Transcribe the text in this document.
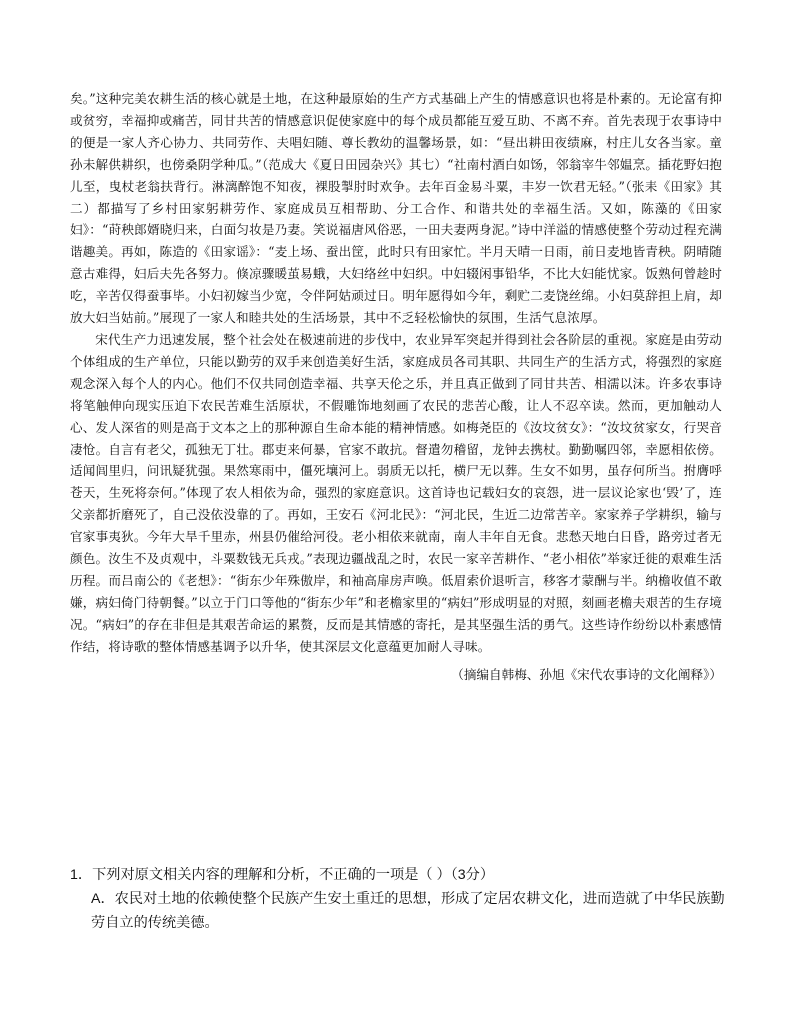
矣。”这种完美农耕生活的核心就是土地，在这种最原始的生产方式基础上产生的情感意识也将是朴素的。无论富有抑或贫穷，幸福抑或痛苦，同甘共苦的情感意识促使家庭中的每个成员都能互爱互助、不离不弃。首先表现于农事诗中的便是一家人齐心协力、共同劳作、夫唱妇随、尊长教幼的温馨场景，如：“昼出耕田夜绩麻，村庄儿女各当家。童孙未解供耕织，也傍桑阴学种瓜。”（范成大《夏日田园杂兴》其七）“社南村酒白如饧，邻翁宰牛邻媪烹。插花野妇抱儿至，曳杖老翁扶背行。淋漓醉饱不知夜，裸股掣肘时欢争。去年百金易斗粟，丰岁一饮君无轻。”（张耒《田家》其二）都描写了乡村田家躬耕劳作、家庭成员互相帮助、分工合作、和谐共处的幸福生活。又如，陈藻的《田家妇》：“莳秧郎婿晓归来，白面匀妆是乃妻。笑说福唐风俗恶，一田夫妻两身泥。”诗中洋溢的情感使整个劳动过程充满谐趣美。再如，陈造的《田家谣》：“麦上场、蚕出筐，此时只有田家忙。半月天晴一日雨，前日麦地皆青秧。阴晴随意古难得，妇后夫先各努力。倏凉骤暖茧易蛾，大妇络丝中妇织。中妇辍闲事铅华，不比大妇能忧家。饭熟何曾趁时吃，辛苦仅得蚕事毕。小妇初嫁当少宽，令伴阿姑顽过日。明年愿得如今年，剩贮二麦饶丝绵。小妇莫辞担上肩，却放大妇当姑前。”展现了一家人和睦共处的生活场景，其中不乏轻松愉快的氛围，生活气息浓厚。

宋代生产力迅速发展，整个社会处在极速前进的步伐中，农业异军突起并得到社会各阶层的重视。家庭是由劳动个体组成的生产单位，只能以勤劳的双手来创造美好生活，家庭成员各司其职、共同生产的生活方式，将强烈的家庭观念深入每个人的内心。他们不仅共同创造幸福、共享天伦之乐，并且真正做到了同甘共苦、相濡以沫。许多农事诗将笔触伸向现实压迫下农民苦难生活原状，不假雕饰地刻画了农民的悲苦心酸，让人不忍卒读。然而，更加触动人心、发人深省的则是高于文本之上的那种源自生命本能的精神情感。如梅尧臣的《汝坟贫女》：“汝坟贫家女，行哭音凄怆。自言有老父，孤独无丁壮。郡吏来何暴，官家不敢抗。督遣勿稽留，龙钟去携杖。勤勤嘱四邻，幸愿相依傍。适闻闾里归，问讯疑犹强。果然寒雨中，僵死壤河上。弱质无以托，横尸无以葬。生女不如男，虽存何所当。拊膺呼苍天，生死将奈何。”体现了农人相依为命，强烈的家庭意识。这首诗也记载妇女的哀怨，进一层议论家也‘毁’了，连父亲都折磨死了，自己没依没靠的了。再如，王安石《河北民》：“河北民，生近二边常苦辛。家家养子学耕织，输与官家事夷狄。今年大旱千里赤，州县仍催给河役。老小相依来就南，南人丰年自无食。悲愁天地白日昏，路旁过者无颜色。汝生不及贞观中，斗粟数钱无兵戎。”表现边疆战乱之时，农民一家辛苦耕作、“老小相依”举家迁徙的艰难生活历程。而吕南公的《老想》：“街东少年殊傲岸，和袖高扉房声唤。低眉索价退听言，移客才蒙酬与半。纳檐收值不敢嫌，病妇倚门待朝餐。”以立于门口等他的“街东少年”和老檐家里的“病妇”形成明显的对照，刻画老檐夫艰苦的生存境况。“病妇”的存在非但是其艰苦命运的累赘，反而是其情感的寄托，是其坚强生活的勇气。这些诗作纷纷以朴素感情作结，将诗歌的整体情感基调予以升华，使其深层文化意蕴更加耐人寻味。

（摘编自韩梅、孙旭《宋代农事诗的文化阐释》）

1．下列对原文相关内容的理解和分析，不正确的一项是（ ）（3分）

A．农民对土地的依赖使整个民族产生安土重迁的思想，形成了定居农耕文化，进而造就了中华民族勤劳自立的传统美德。
